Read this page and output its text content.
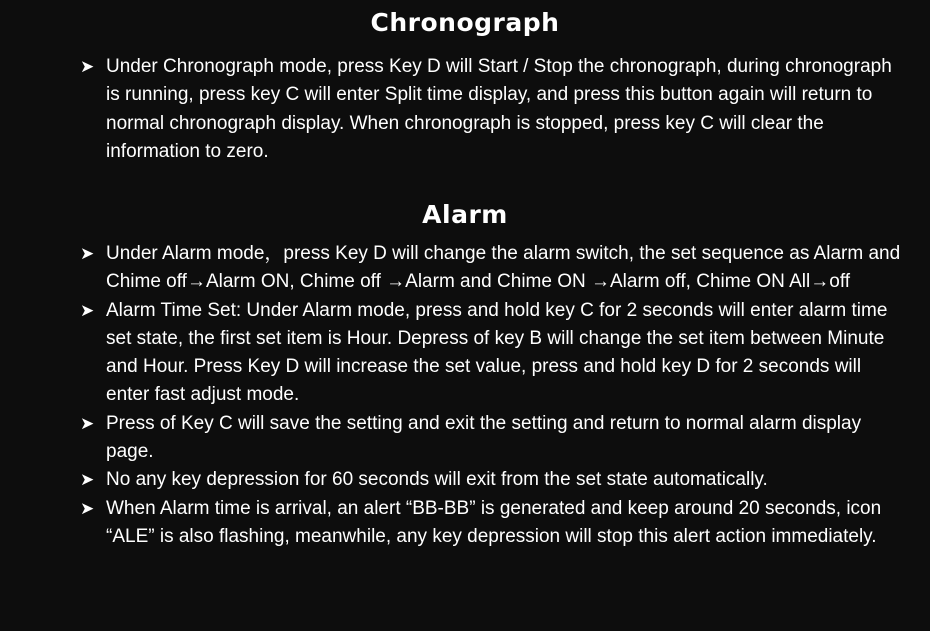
Chronograph
➤ Under Chronograph mode, press Key D will Start / Stop the chronograph, during chronograph is running, press key C will enter Split time display, and press this button again will return to normal chronograph display. When chronograph is stopped, press key C will clear the information to zero.
Alarm
➤ Under Alarm mode，press Key D will change the alarm switch, the set sequence as Alarm and Chime off→Alarm ON, Chime off →Alarm and Chime ON →Alarm off, Chime ON All→off
➤ Alarm Time Set: Under Alarm mode, press and hold key C for 2 seconds will enter alarm time set state, the first set item is Hour. Depress of key B will change the set item between Minute and Hour. Press Key D will increase the set value, press and hold key D for 2 seconds will enter fast adjust mode.
➤ Press of Key C will save the setting and exit the setting and return to normal alarm display page.
➤ No any key depression for 60 seconds will exit from the set state automatically.
➤ When Alarm time is arrival, an alert “BB-BB” is generated and keep around 20 seconds, icon “ALE” is also flashing, meanwhile, any key depression will stop this alert action immediately.
